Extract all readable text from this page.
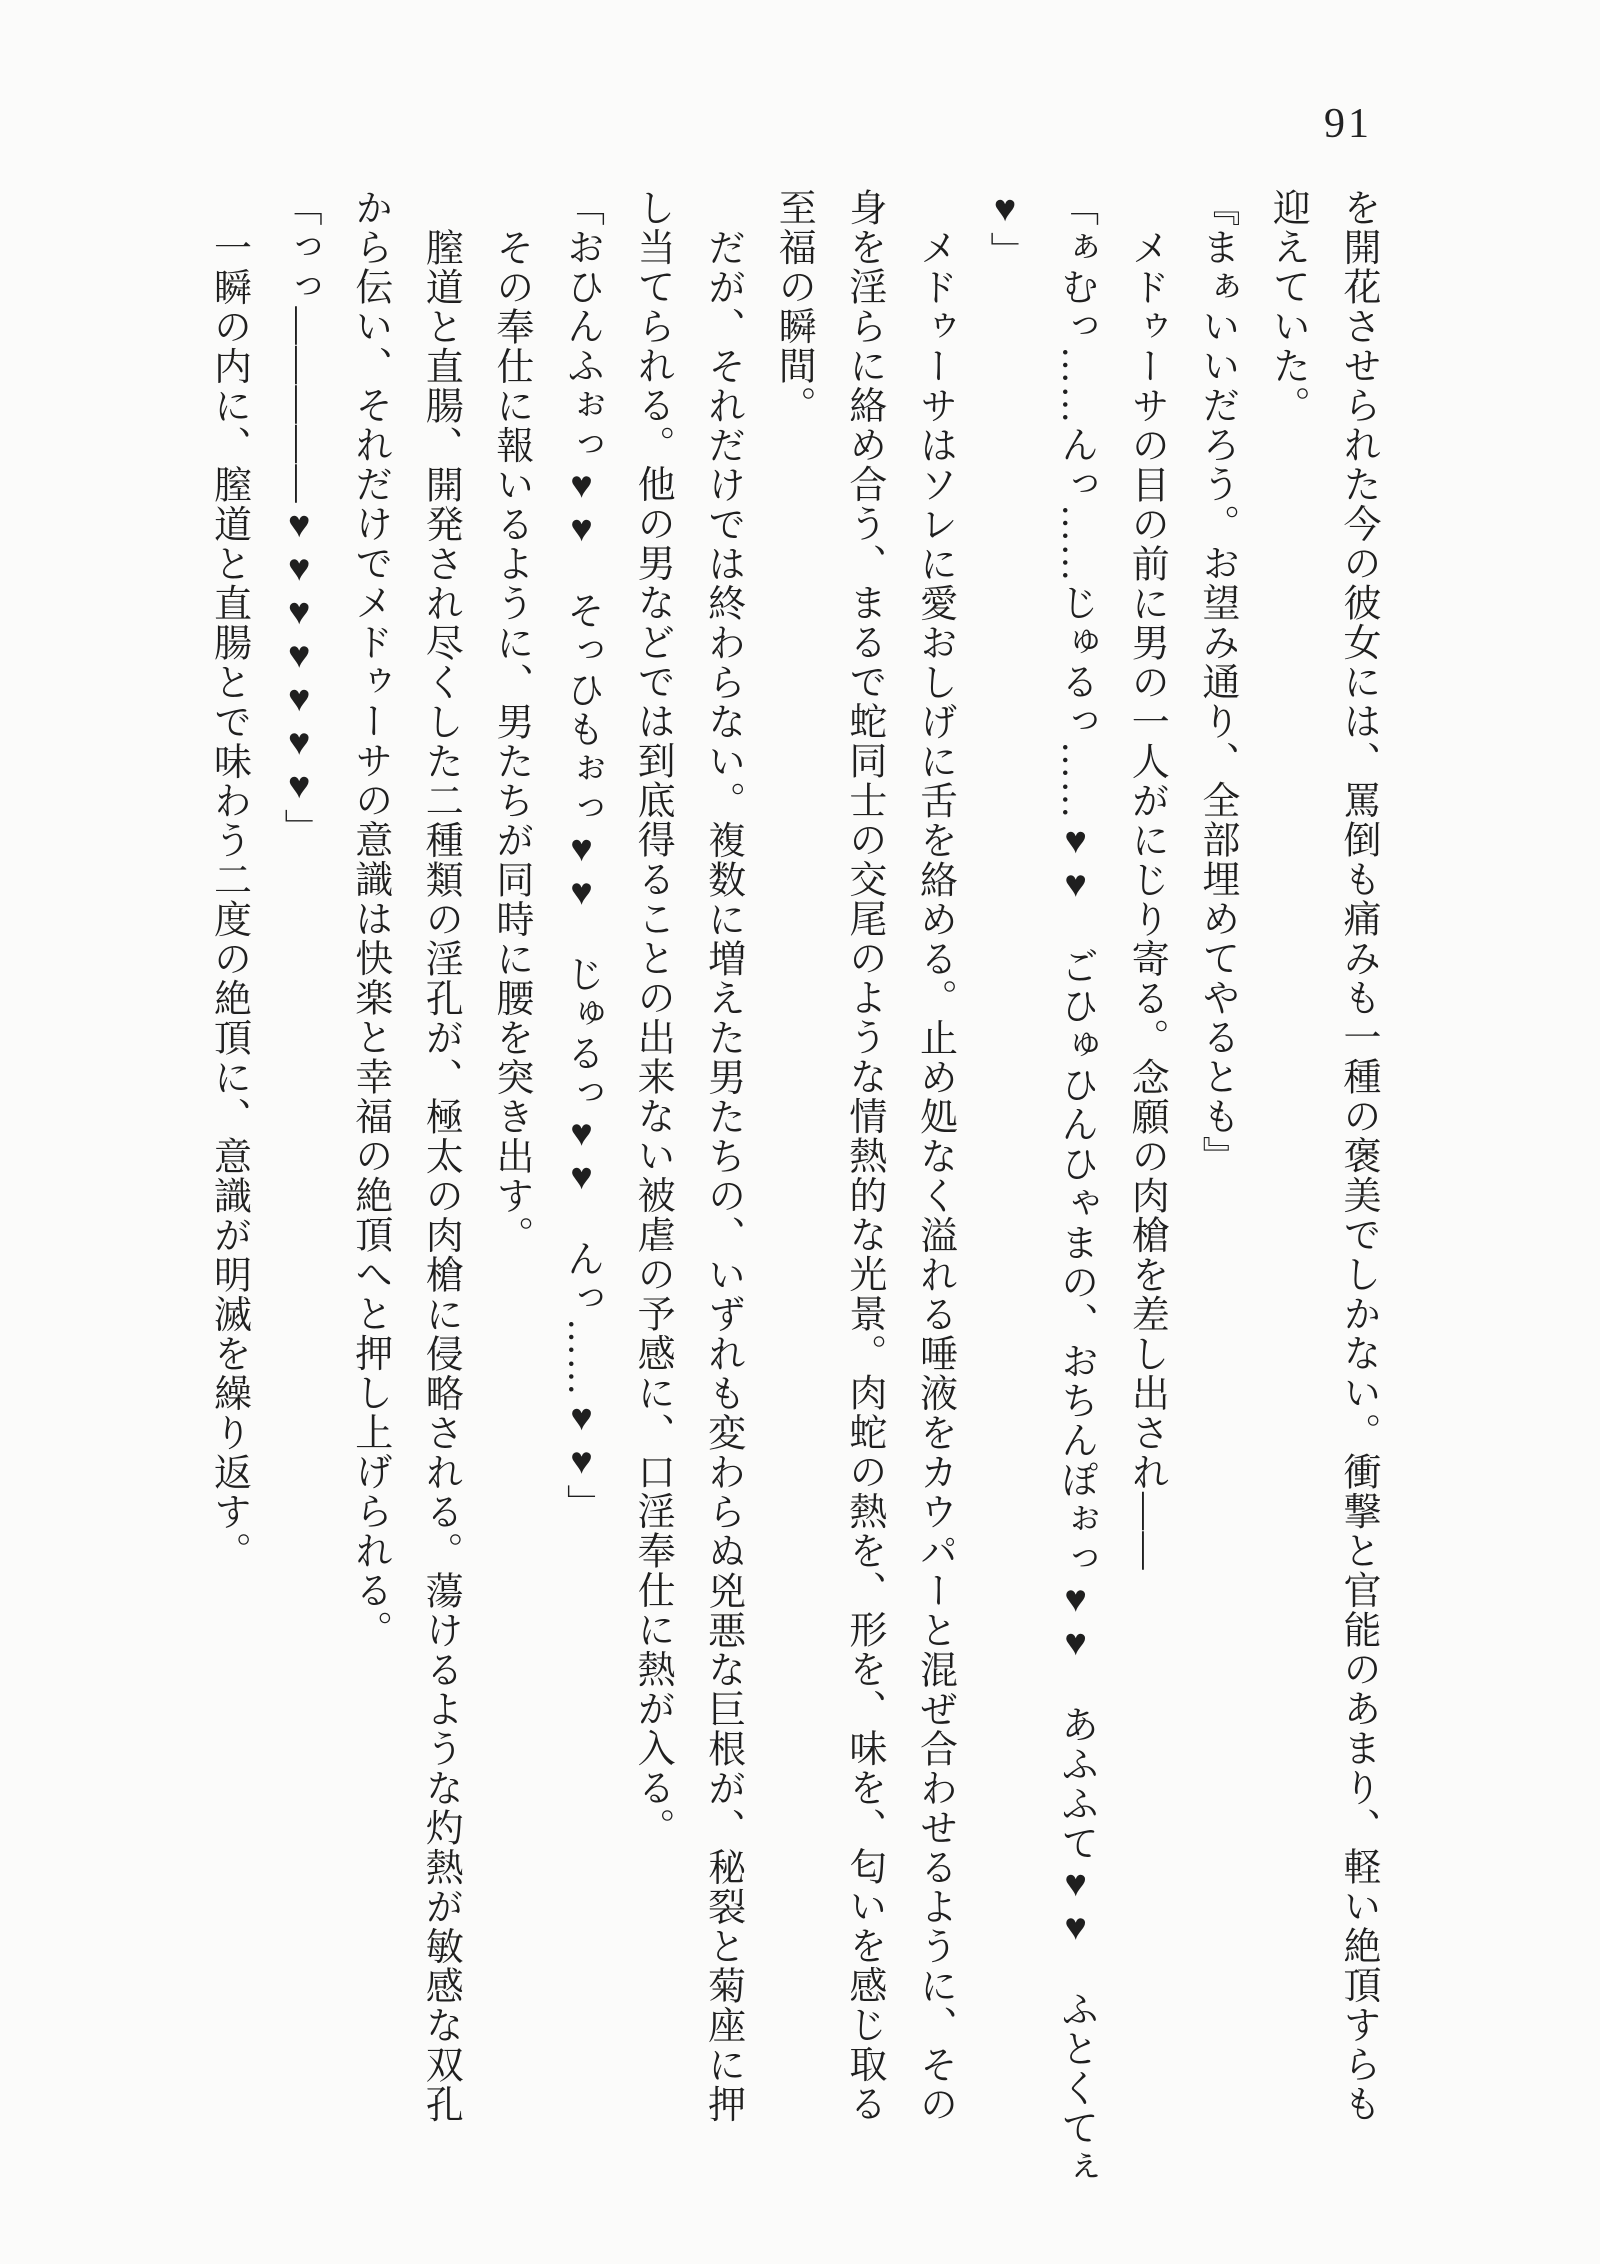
91
を開花させられた今の彼女には、罵倒も痛みも一種の褒美でしかない。衝撃と官能のあまり、軽い絶頂すらも
迎えていた。
『まぁいいだろう。お望み通り、全部埋めてやるとも』
メドゥーサの目の前に男の一人がにじり寄る。念願の肉槍を差し出され――
「ぁむっ……んっ……じゅるっ……♥♥　ごひゅひんひゃまの、おちんぽぉっ♥♥　あふふて♥♥　ふとくてぇ
♥」
メドゥーサはソレに愛おしげに舌を絡める。止め処なく溢れる唾液をカウパーと混ぜ合わせるように、その
身を淫らに絡め合う、まるで蛇同士の交尾のような情熱的な光景。肉蛇の熱を、形を、味を、匂いを感じ取る
至福の瞬間。
だが、それだけでは終わらない。複数に増えた男たちの、いずれも変わらぬ兇悪な巨根が、秘裂と菊座に押
し当てられる。他の男などでは到底得ることの出来ない被虐の予感に、口淫奉仕に熱が入る。
「おひんふぉっ♥♥　そっひもぉっ♥♥　じゅるっ♥♥　んっ……♥♥」
その奉仕に報いるように、男たちが同時に腰を突き出す。
膣道と直腸、開発され尽くした二種類の淫孔が、極太の肉槍に侵略される。蕩けるような灼熱が敏感な双孔
から伝い、それだけでメドゥーサの意識は快楽と幸福の絶頂へと押し上げられる。
「っっ―――――♥♥♥♥♥♥♥」
一瞬の内に、膣道と直腸とで味わう二度の絶頂に、意識が明滅を繰り返す。
